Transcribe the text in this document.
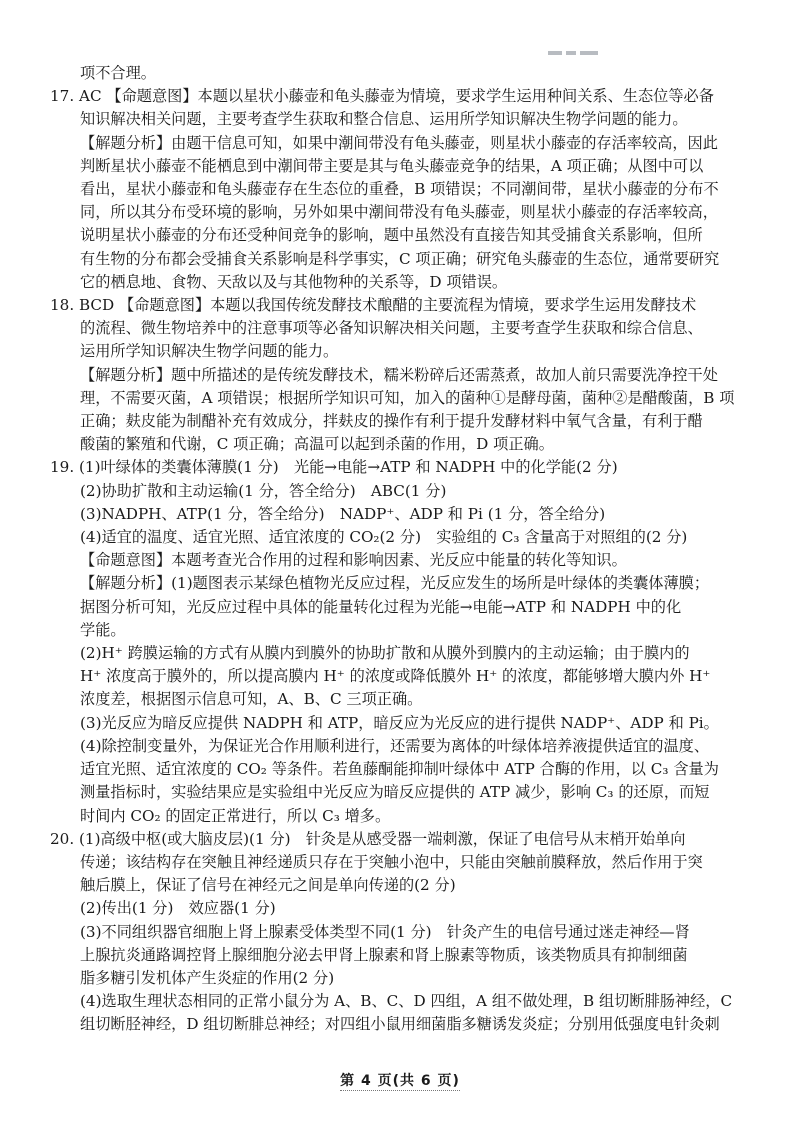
项不合理。
17. AC 【命题意图】本题以星状小藤壶和龟头藤壶为情境，要求学生运用种间关系、生态位等必备
知识解决相关问题，主要考查学生获取和整合信息、运用所学知识解决生物学问题的能力。
【解题分析】由题干信息可知，如果中潮间带没有龟头藤壶，则星状小藤壶的存活率较高，因此
判断星状小藤壶不能栖息到中潮间带主要是其与龟头藤壶竞争的结果，A 项正确；从图中可以
看出，星状小藤壶和龟头藤壶存在生态位的重叠，B 项错误；不同潮间带，星状小藤壶的分布不
同，所以其分布受环境的影响，另外如果中潮间带没有龟头藤壶，则星状小藤壶的存活率较高，
说明星状小藤壶的分布还受种间竞争的影响，题中虽然没有直接告知其受捕食关系影响，但所
有生物的分布都会受捕食关系影响是科学事实，C 项正确；研究龟头藤壶的生态位，通常要研究
它的栖息地、食物、天敌以及与其他物种的关系等，D 项错误。
18. BCD 【命题意图】本题以我国传统发酵技术酿醋的主要流程为情境，要求学生运用发酵技术
的流程、微生物培养中的注意事项等必备知识解决相关问题，主要考查学生获取和综合信息、
运用所学知识解决生物学问题的能力。
【解题分析】题中所描述的是传统发酵技术，糯米粉碎后还需蒸煮，故加人前只需要洗净控干处
理，不需要灭菌，A 项错误；根据所学知识可知，加入的菌种①是酵母菌，菌种②是醋酸菌，B 项
正确；麸皮能为制醋补充有效成分，拌麸皮的操作有利于提升发酵材料中氧气含量，有利于醋
酸菌的繁殖和代谢，C 项正确；高温可以起到杀菌的作用，D 项正确。
19. (1)叶绿体的类囊体薄膜(1 分)　光能→电能→ATP 和 NADPH 中的化学能(2 分)
(2)协助扩散和主动运输(1 分，答全给分)　ABC(1 分)
(3)NADPH、ATP(1 分，答全给分)　NADP⁺、ADP 和 Pi (1 分，答全给分)
(4)适宜的温度、适宜光照、适宜浓度的 CO₂(2 分)　实验组的 C₃ 含量高于对照组的(2 分)
【命题意图】本题考查光合作用的过程和影响因素、光反应中能量的转化等知识。
【解题分析】(1)题图表示某绿色植物光反应过程，光反应发生的场所是叶绿体的类囊体薄膜；
据图分析可知，光反应过程中具体的能量转化过程为光能→电能→ATP 和 NADPH 中的化
学能。
(2)H⁺ 跨膜运输的方式有从膜内到膜外的协助扩散和从膜外到膜内的主动运输；由于膜内的
H⁺ 浓度高于膜外的，所以提高膜内 H⁺ 的浓度或降低膜外 H⁺ 的浓度，都能够增大膜内外 H⁺
浓度差，根据图示信息可知，A、B、C 三项正确。
(3)光反应为暗反应提供 NADPH 和 ATP，暗反应为光反应的进行提供 NADP⁺、ADP 和 Pi。
(4)除控制变量外，为保证光合作用顺利进行，还需要为离体的叶绿体培养液提供适宜的温度、
适宜光照、适宜浓度的 CO₂ 等条件。若鱼藤酮能抑制叶绿体中 ATP 合酶的作用，以 C₃ 含量为
测量指标时，实验结果应是实验组中光反应为暗反应提供的 ATP 减少，影响 C₃ 的还原，而短
时间内 CO₂ 的固定正常进行，所以 C₃ 增多。
20. (1)高级中枢(或大脑皮层)(1 分)　针灸是从感受器一端刺激，保证了电信号从末梢开始单向
传递；该结构存在突触且神经递质只存在于突触小泡中，只能由突触前膜释放，然后作用于突
触后膜上，保证了信号在神经元之间是单向传递的(2 分)
(2)传出(1 分)　效应器(1 分)
(3)不同组织器官细胞上肾上腺素受体类型不同(1 分)　针灸产生的电信号通过迷走神经—肾
上腺抗炎通路调控肾上腺细胞分泌去甲肾上腺素和肾上腺素等物质，该类物质具有抑制细菌
脂多糖引发机体产生炎症的作用(2 分)
(4)选取生理状态相同的正常小鼠分为 A、B、C、D 四组，A 组不做处理，B 组切断腓肠神经，C
组切断胫神经，D 组切断腓总神经；对四组小鼠用细菌脂多糖诱发炎症；分别用低强度电针灸刺
第 4 页(共 6 页)
